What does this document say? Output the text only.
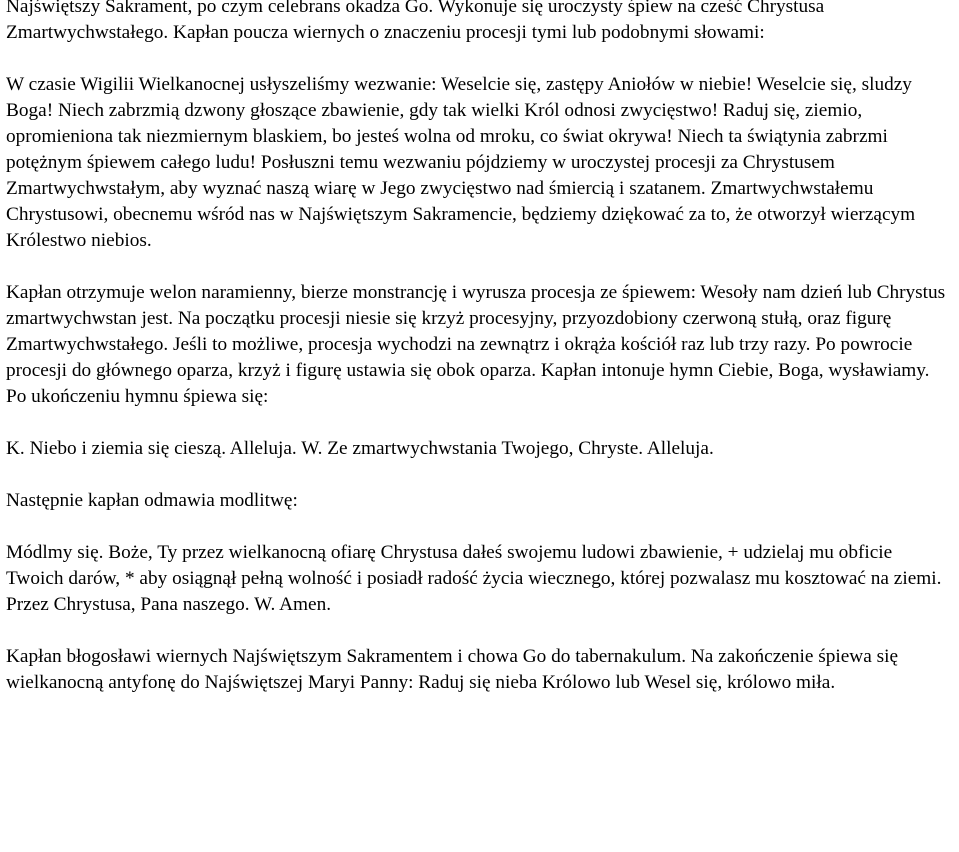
Najświętszy Sakrament, po czym celebrans okadza Go. Wykonuje się uroczysty śpiew na cześć Chrystusa Zmartwychwstałego. Kapłan poucza wiernych o znaczeniu procesji tymi lub podobnymi słowami:

W czasie Wigilii Wielkanocnej usłyszeliśmy wezwanie: Weselcie się, zastępy Aniołów w niebie! Weselcie się, sludzy Boga! Niech zabrzmią dzwony głoszące zbawienie, gdy tak wielki Król odnosi zwycięstwo! Raduj się, ziemio, opromieniona tak niezmiernym blaskiem, bo jesteś wolna od mroku, co świat okrywa! Niech ta świątynia zabrzmi potężnym śpiewem całego ludu! Posłuszni temu wezwaniu pójdziemy w uroczystej procesji za Chrystusem Zmartwychwstałym, aby wyznać naszą wiarę w Jego zwycięstwo nad śmiercią i szatanem. Zmartwychwstałemu Chrystusowi, obecnemu wśród nas w Najświętszym Sakramencie, będziemy dziękować za to, że otworzył wierzącym Królestwo niebios.

Kapłan otrzymuje welon naramienny, bierze monstrancję i wyrusza procesja ze śpiewem: Wesoły nam dzień lub Chrystus zmartwychwstan jest. Na początku procesji niesie się krzyż procesyjny, przyozdobiony czerwoną stułą, oraz figurę Zmartwychwstałego. Jeśli to możliwe, procesja wychodzi na zewnątrz i okrąża kościół raz lub trzy razy. Po powrocie procesji do głównego oparza, krzyż i figurę ustawia się obok oparza. Kapłan intonuje hymn Ciebie, Boga, wysławiamy. Po ukończeniu hymnu śpiewa się:

K. Niebo i ziemia się cieszą. Alleluja. W. Ze zmartwychwstania Twojego, Chryste. Alleluja.

Następnie kapłan odmawia modlitwę:

Módlmy się. Boże, Ty przez wielkanocną ofiarę Chrystusa dałeś swojemu ludowi zbawienie, + udzielaj mu obficie Twoich darów, * aby osiągnął pełną wolność i posiadł radość życia wiecznego, której pozwalasz mu kosztować na ziemi. Przez Chrystusa, Pana naszego. W. Amen.

Kapłan błogosławi wiernych Najświętszym Sakramentem i chowa Go do tabernakulum. Na zakończenie śpiewa się wielkanocną antyfonę do Najświętszej Maryi Panny: Raduj się nieba Królowo lub Wesel się, królowo miła.
